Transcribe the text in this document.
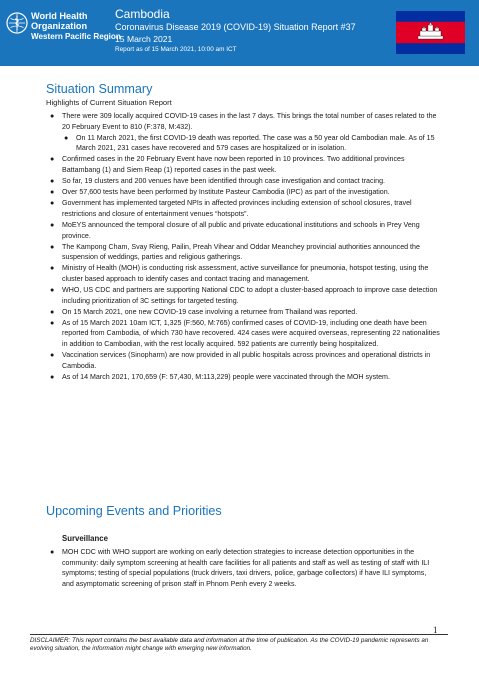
World Health
Organization
Western Pacific Region
Cambodia
Coronavirus Disease 2019 (COVID-19) Situation Report #37
15 March 2021
Report as of 15 March 2021, 10:00 am ICT
Situation Summary
Highlights of Current Situation Report
● There were 309 locally acquired COVID-19 cases in the last 7 days. This brings the total number of cases related to the 20 February Event to 810 (F:378, M:432).
● On 11 March 2021, the first COVID-19 death was reported. The case was a 50 year old Cambodian male. As of 15 March 2021, 231 cases have recovered and 579 cases are hospitalized or in isolation.
● Confirmed cases in the 20 February Event have now been reported in 10 provinces. Two additional provinces Battambang (1) and Siem Reap (1) reported cases in the past week.
● So far, 19 clusters and 200 venues have been identified through case investigation and contact tracing.
● Over 57,600 tests have been performed by Institute Pasteur Cambodia (IPC) as part of the investigation.
● Government has implemented targeted NPIs in affected provinces including extension of school closures, travel restrictions and closure of entertainment venues “hotspots”.
● MoEYS announced the temporal closure of all public and private educational institutions and schools in Prey Veng province.
● The Kampong Cham, Svay Rieng, Pailin, Preah Vihear and Oddar Meanchey provincial authorities announced the suspension of weddings, parties and religious gatherings.
● Ministry of Health (MOH) is conducting risk assessment, active surveillance for pneumonia, hotspot testing, using the cluster based approach to identify cases and contact tracing and management.
● WHO, US CDC and partners are supporting National CDC to adopt a cluster-based approach to improve case detection including prioritization of 3C settings for targeted testing.
● On 15 March 2021, one new COVID-19 case involving a returnee from Thailand was reported.
● As of 15 March 2021 10am ICT, 1,325 (F:560, M:765) confirmed cases of COVID-19, including one death have been reported from Cambodia, of which 730 have recovered. 424 cases were acquired overseas, representing 22 nationalities in addition to Cambodian, with the rest locally acquired. 592 patients are currently being hospitalized.
● Vaccination services (Sinopharm) are now provided in all public hospitals across provinces and operational districts in Cambodia.
● As of 14 March 2021, 170,659 (F: 57,430, M:113,229) people were vaccinated through the MOH system.
Upcoming Events and Priorities
Surveillance
● MOH CDC with WHO support are working on early detection strategies to increase detection opportunities in the community: daily symptom screening at health care facilities for all patients and staff as well as testing of staff with ILI symptoms; testing of special populations (truck drivers, taxi drivers, police, garbage collectors) if have ILI symptoms, and asymptomatic screening of prison staff in Phnom Penh every 2 weeks.
1
DISCLAIMER: This report contains the best available data and information at the time of publication. As the COVID-19 pandemic represents an evolving situation, the information might change with emerging new information.
